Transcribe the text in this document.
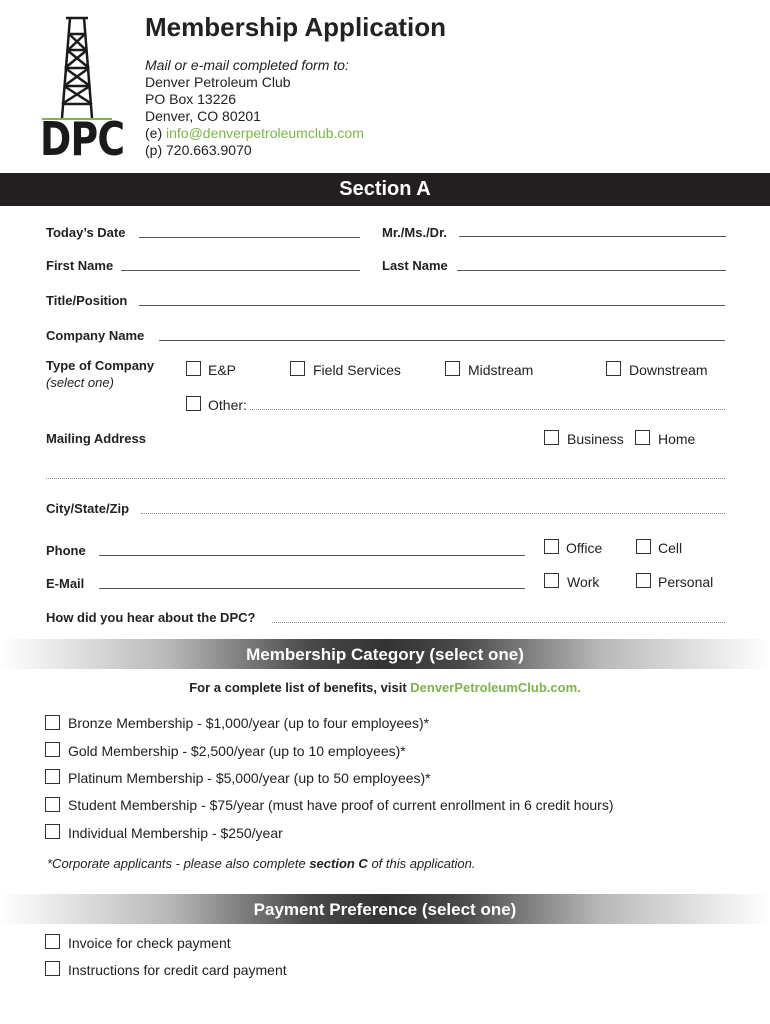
DPC
Membership Application
Mail or e-mail completed form to:
Denver Petroleum Club
PO Box 13226
Denver, CO 80201
(e) info@denverpetroleumclub.com
(p) 720.663.9070
Section A
Today’s Date	Mr./Ms./Dr.
First Name	Last Name
Title/Position
Company Name
Type of Company
(select one)
E&P	Field Services	Midstream	Downstream
Other:
Mailing Address	Business Home
City/State/Zip
Phone	Office	Cell
E-Mail	Work	Personal
How did you hear about the DPC?
Membership Category (select one)
For a complete list of benefits, visit DenverPetroleumClub.com.
Bronze Membership - $1,000/year (up to four employees)*
Gold Membership - $2,500/year (up to 10 employees)*
Platinum Membership - $5,000/year (up to 50 employees)*
Student Membership - $75/year (must have proof of current enrollment in 6 credit hours)
Individual Membership - $250/year
*Corporate applicants - please also complete section C of this application.
Payment Preference (select one)
Invoice for check payment
Instructions for credit card payment
